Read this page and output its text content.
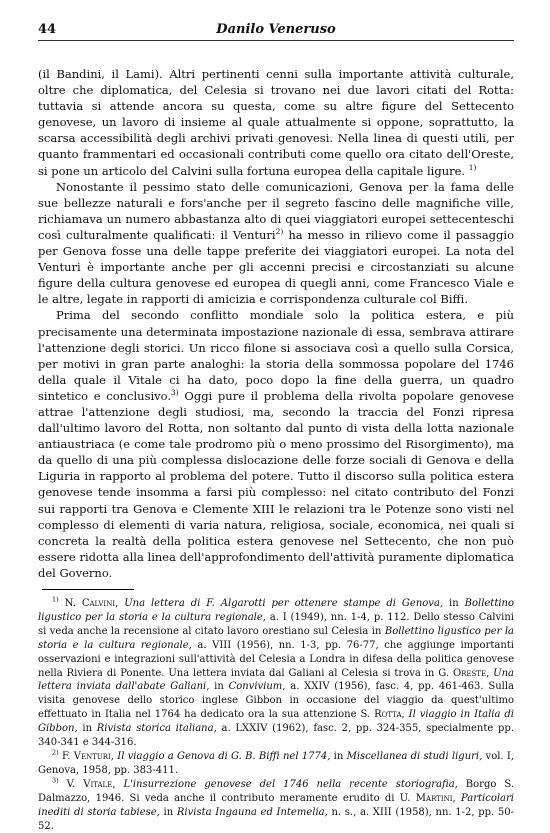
44	Danilo Veneruso

(il Bandini, il Lami). Altri pertinenti cenni sulla importante attività culturale, oltre che diplomatica, del Celesia si trovano nei due lavori citati del Rotta: tuttavia si attende ancora su questa, come su altre figure del Settecento genovese, un lavoro di insieme al quale attualmente si oppone, soprattutto, la scarsa accessibilità degli archivi privati genovesi. Nella linea di questi utili, per quanto frammentari ed occasionali contributi come quello ora citato dell'Oreste, si pone un articolo del Calvini sulla fortuna europea della capitale ligure. $^{1)}$

Nonostante il pessimo stato delle comunicazioni, Genova per la fama delle sue bellezze naturali e fors'anche per il segreto fascino delle magnifiche ville, richiamava un numero abbastanza alto di quei viaggiatori europei settecenteschi così culturalmente qualificati: il Venturi$^{2)}$ ha messo in rilievo come il passaggio per Genova fosse una delle tappe preferite dei viaggiatori europei. La nota del Venturi è importante anche per gli accenni precisi e circostanziati su alcune figure della cultura genovese ed europea di quegli anni, come Francesco Viale e le altre, legate in rapporti di amicizia e corrispondenza culturale col Biffi.

Prima del secondo conflitto mondiale solo la politica estera, e più precisamente una determinata impostazione nazionale di essa, sembrava attirare l'attenzione degli storici. Un ricco filone si associava così a quello sulla Corsica, per motivi in gran parte analoghi: la storia della sommossa popolare del 1746 della quale il Vitale ci ha dato, poco dopo la fine della guerra, un quadro sintetico e conclusivo.$^{3)}$ Oggi pure il problema della rivolta popolare genovese attrae l'attenzione degli studiosi, ma, secondo la traccia del Fonzi ripresa dall'ultimo lavoro del Rotta, non soltanto dal punto di vista della lotta nazionale antiaustriaca (e come tale prodromo più o meno prossimo del Risorgimento), ma da quello di una più complessa dislocazione delle forze sociali di Genova e della Liguria in rapporto al problema del potere. Tutto il discorso sulla politica estera genovese tende insomma a farsi più complesso: nel citato contributo del Fonzi sui rapporti tra Genova e Clemente XIII le relazioni tra le Potenze sono visti nel complesso di elementi di varia natura, religiosa, sociale, economica, nei quali si concreta la realtà della politica estera genovese nel Settecento, che non può essere ridotta alla linea dell'approfondimento dell'attività puramente diplomatica del Governo.

$^{1)}$ N. Calvini, Una lettera di F. Algarotti per ottenere stampe di Genova, in Bollettino ligustico per la storia e la cultura regionale, a. I (1949), nn. 1-4, p. 112. Dello stesso Calvini si veda anche la recensione al citato lavoro orestiano sul Celesia in Bollettino ligustico per la storia e la cultura regionale, a. VIII (1956), nn. 1-3, pp. 76-77, che aggiunge importanti osservazioni e integrazioni sull'attività del Celesia a Londra in difesa della politica genovese nella Riviera di Ponente. Una lettera inviata dal Galiani al Celesia si trova in G. Oreste, Una lettera inviata dall'abate Galiani, in Convivium, a. XXIV (1956), fasc. 4, pp. 461-463. Sulla visita genovese dello storico inglese Gibbon in occasione del viaggio da quest'ultimo effettuato in Italia nel 1764 ha dedicato ora la sua attenzione S. Rotta, Il viaggio in Italia di Gibbon, in Rivista storica italiana, a. LXXIV (1962), fasc. 2, pp. 324-355, specialmente pp. 340-341 e 344-316.

$^{2)}$ F. Venturi, Il viaggio a Genova di G. B. Biffi nel 1774, in Miscellanea di studi liguri, vol. I, Genova, 1958, pp. 383-411.

$^{3)}$ V. Vitale, L'insurrezione genovese del 1746 nella recente storiografia, Borgo S. Dalmazzo, 1946. Si veda anche il contributo meramente erudito di U. Martini, Particolari inediti di storia tabiese, in Rivista Ingauna ed Intemelia, n. s., a. XIII (1958), nn. 1-2, pp. 50-52.
